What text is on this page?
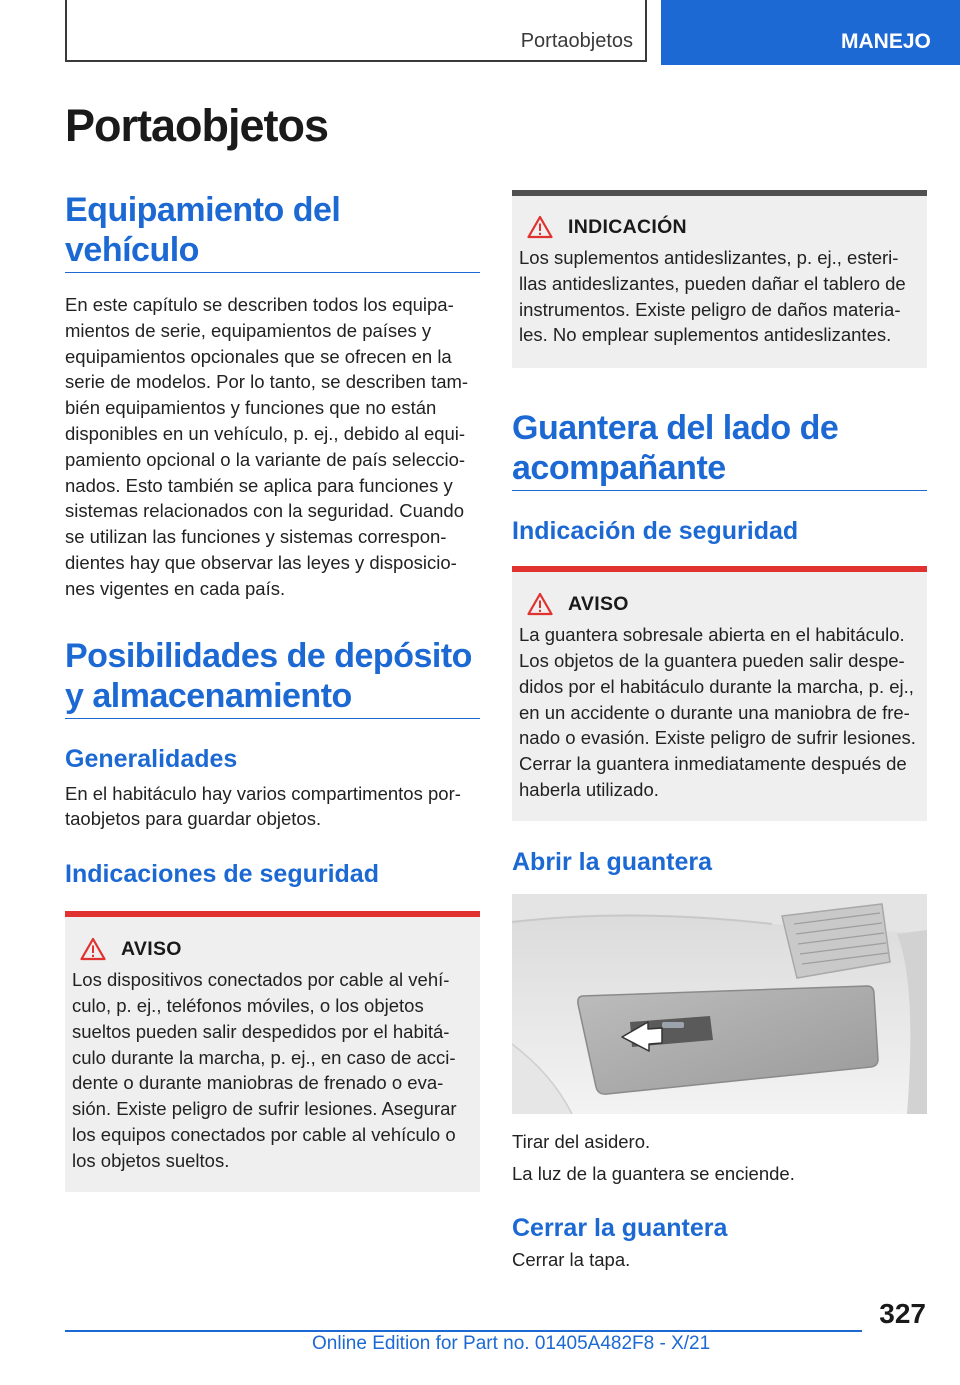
Portaobjetos	MANEJO
Portaobjetos
Equipamiento del vehículo

En este capítulo se describen todos los equipa-mientos de serie, equipamientos de países y equipamientos opcionales que se ofrecen en la serie de modelos. Por lo tanto, se describen tam-bién equipamientos y funciones que no están disponibles en un vehículo, p. ej., debido al equi-pamiento opcional o la variante de país seleccio-nados. Esto también se aplica para funciones y sistemas relacionados con la seguridad. Cuando se utilizan las funciones y sistemas correspon-dientes hay que observar las leyes y disposicio-nes vigentes en cada país.

Posibilidades de depósito y almacenamiento
Generalidades

En el habitáculo hay varios compartimentos por-taobjetos para guardar objetos.

Indicaciones de seguridad
AVISO

Los dispositivos conectados por cable al vehí-culo, p. ej., teléfonos móviles, o los objetos sueltos pueden salir despedidos por el habitá-culo durante la marcha, p. ej., en caso de acci-dente o durante maniobras de frenado o eva-sión. Existe peligro de sufrir lesiones. Asegurar los equipos conectados por cable al vehículo o los objetos sueltos.

INDICACIÓN

Los suplementos antideslizantes, p. ej., esteri-llas antideslizantes, pueden dañar el tablero de instrumentos. Existe peligro de daños materia-les. No emplear suplementos antideslizantes.

Guantera del lado de acompañante
Indicación de seguridad
AVISO

La guantera sobresale abierta en el habitáculo. Los objetos de la guantera pueden salir despe-didos por el habitáculo durante la marcha, p. ej., en un accidente o durante una maniobra de fre-nado o evasión. Existe peligro de sufrir lesiones. Cerrar la guantera inmediatamente después de haberla utilizado.

Abrir la guantera

Tirar del asidero.

La luz de la guantera se enciende.

Cerrar la guantera

Cerrar la tapa.

327
Online Edition for Part no. 01405A482F8 - X/21
